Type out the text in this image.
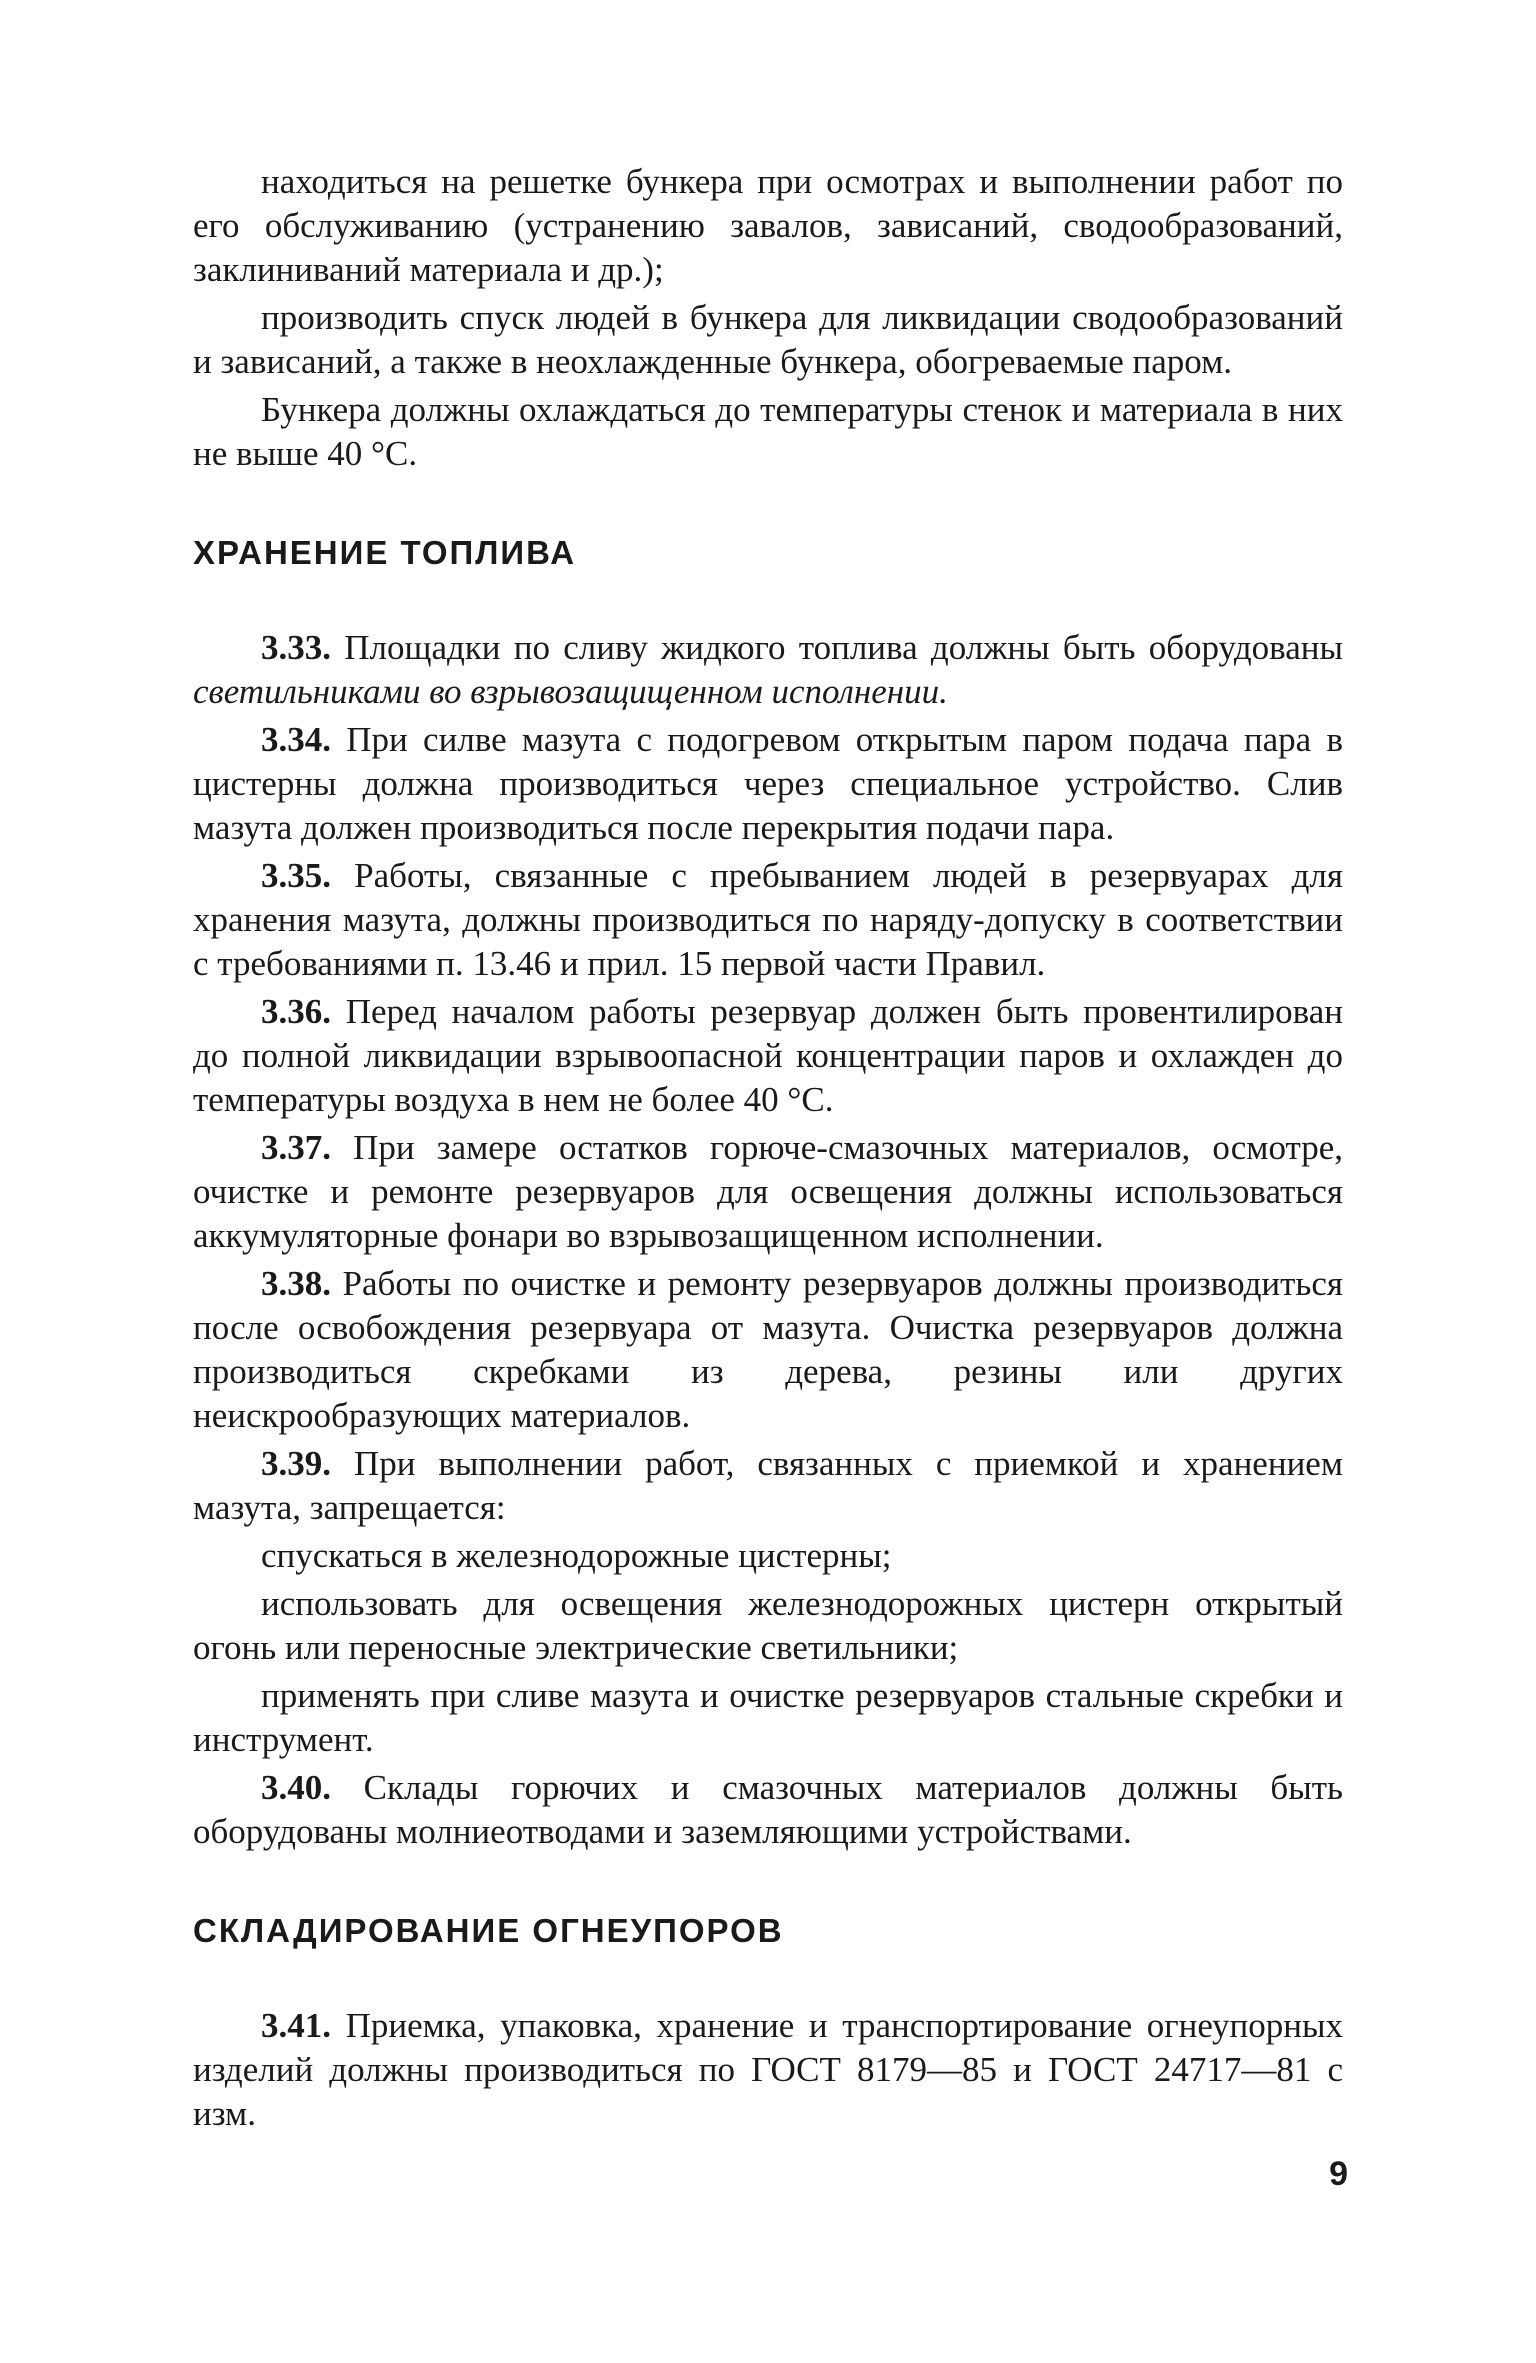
находиться на решетке бункера при осмотрах и выполнении работ по его обслуживанию (устранению завалов, зависаний, сводообразований, заклиниваний материала и др.);

производить спуск людей в бункера для ликвидации сводообразований и зависаний, а также в неохлажденные бункера, обогреваемые паром.

Бункера должны охлаждаться до температуры стенок и материала в них не выше 40 °С.

ХРАНЕНИЕ ТОПЛИВА

3.33. Площадки по сливу жидкого топлива должны быть оборудованы светильниками во взрывозащищенном исполнении.

3.34. При силве мазута с подогревом открытым паром подача пара в цистерны должна производиться через специальное устройство. Слив мазута должен производиться после перекрытия подачи пара.

3.35. Работы, связанные с пребыванием людей в резервуарах для хранения мазута, должны производиться по наряду-допуску в соответствии с требованиями п. 13.46 и прил. 15 первой части Правил.

3.36. Перед началом работы резервуар должен быть провентилирован до полной ликвидации взрывоопасной концентрации паров и охлажден до температуры воздуха в нем не более 40 °С.

3.37. При замере остатков горюче-смазочных материалов, осмотре, очистке и ремонте резервуаров для освещения должны использоваться аккумуляторные фонари во взрывозащищенном исполнении.

3.38. Работы по очистке и ремонту резервуаров должны производиться после освобождения резервуара от мазута. Очистка резервуаров должна производиться скребками из дерева, резины или других неискрообразующих материалов.

3.39. При выполнении работ, связанных с приемкой и хранением мазута, запрещается:

спускаться в железнодорожные цистерны;

использовать для освещения железнодорожных цистерн открытый огонь или переносные электрические светильники;

применять при сливе мазута и очистке резервуаров стальные скребки и инструмент.

3.40. Склады горючих и смазочных материалов должны быть оборудованы молниеотводами и заземляющими устройствами.

СКЛАДИРОВАНИЕ ОГНЕУПОРОВ

3.41. Приемка, упаковка, хранение и транспортирование огнеупорных изделий должны производиться по ГОСТ 8179—85 и ГОСТ 24717—81 с изм.

9
